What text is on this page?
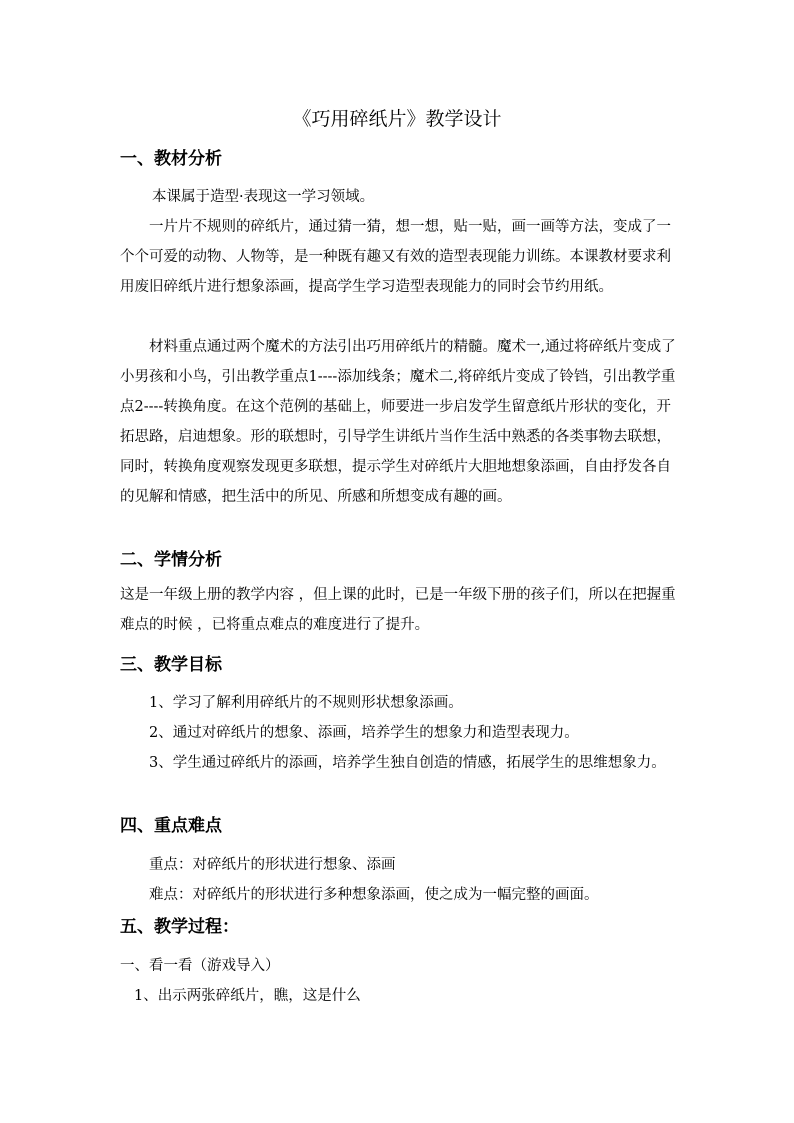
《巧用碎纸片》教学设计
一、教材分析
本课属于造型·表现这一学习领域。
一片片不规则的碎纸片，通过猜一猜，想一想，贴一贴，画一画等方法，变成了一个个可爱的动物、人物等，是一种既有趣又有效的造型表现能力训练。本课教材要求利用废旧碎纸片进行想象添画，提高学生学习造型表现能力的同时会节约用纸。
材料重点通过两个魔术的方法引出巧用碎纸片的精髓。魔术一,通过将碎纸片变成了小男孩和小鸟，引出教学重点1----添加线条；魔术二,将碎纸片变成了铃铛，引出教学重点2----转换角度。在这个范例的基础上，师要进一步启发学生留意纸片形状的变化，开拓思路，启迪想象。形的联想时，引导学生讲纸片当作生活中熟悉的各类事物去联想，同时，转换角度观察发现更多联想，提示学生对碎纸片大胆地想象添画，自由抒发各自的见解和情感，把生活中的所见、所感和所想变成有趣的画。
二、学情分析
这是一年级上册的教学内容 ，但上课的此时，已是一年级下册的孩子们，所以在把握重难点的时候 ，已将重点难点的难度进行了提升。
三、教学目标
1、学习了解利用碎纸片的不规则形状想象添画。
2、通过对碎纸片的想象、添画，培养学生的想象力和造型表现力。
3、学生通过碎纸片的添画，培养学生独自创造的情感，拓展学生的思维想象力。
四、重点难点
重点：对碎纸片的形状进行想象、添画
难点：对碎纸片的形状进行多种想象添画，使之成为一幅完整的画面。
五、教学过程：
一、看一看（游戏导入）
1、出示两张碎纸片，瞧，这是什么
